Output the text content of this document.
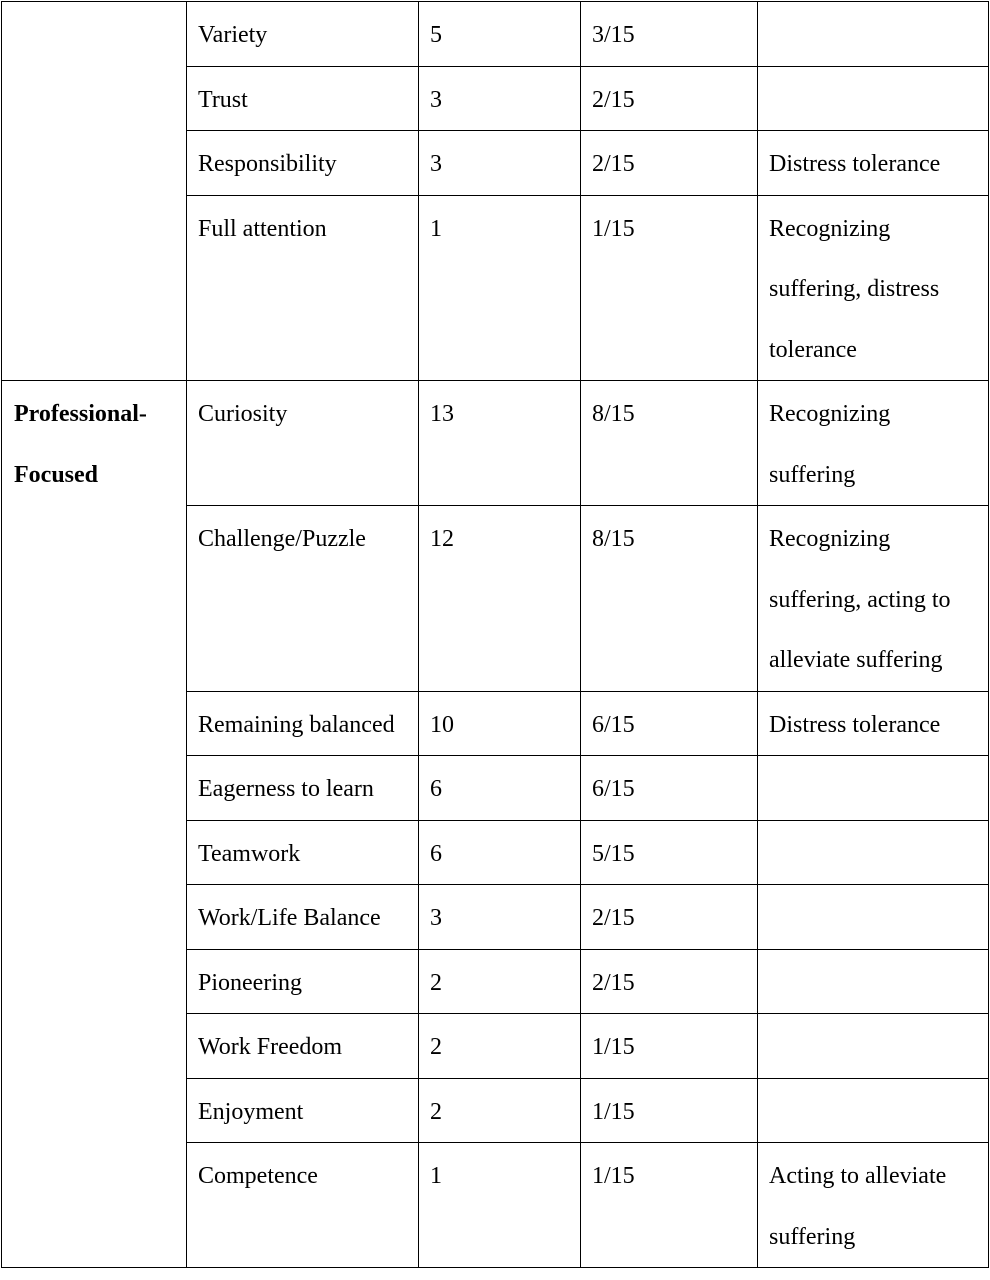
	Variety	5	3/15	
	Trust	3	2/15	
	Responsibility	3	2/15	Distress tolerance
	Full attention	1	1/15	Recognizing suffering, distress tolerance
Professional-Focused	Curiosity	13	8/15	Recognizing suffering
	Challenge/Puzzle	12	8/15	Recognizing suffering, acting to alleviate suffering
	Remaining balanced	10	6/15	Distress tolerance
	Eagerness to learn	6	6/15	
	Teamwork	6	5/15	
	Work/Life Balance	3	2/15	
	Pioneering	2	2/15	
	Work Freedom	2	1/15	
	Enjoyment	2	1/15	
	Competence	1	1/15	Acting to alleviate suffering
